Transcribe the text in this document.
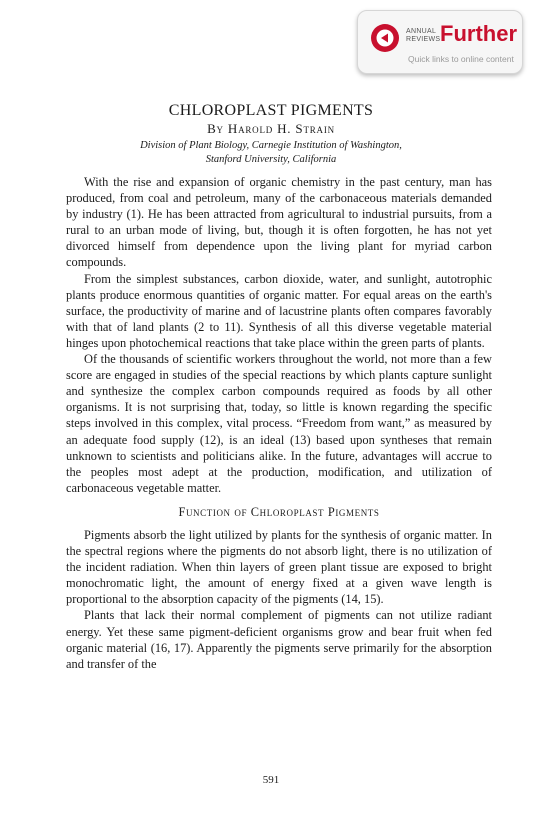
ANNUAL REVIEWS Further
Quick links to online content
CHLOROPLAST PIGMENTS
By Harold H. Strain
Division of Plant Biology, Carnegie Institution of Washington,
Stanford University, California

With the rise and expansion of organic chemistry in the past century, man has produced, from coal and petroleum, many of the carbonaceous materials demanded by industry (1). He has been attracted from agricultural to industrial pursuits, from a rural to an urban mode of living, but, though it is often forgotten, he has not yet divorced himself from dependence upon the living plant for myriad carbon compounds.

From the simplest substances, carbon dioxide, water, and sunlight, autotrophic plants produce enormous quantities of organic matter. For equal areas on the earth's surface, the productivity of marine and of lacustrine plants often compares favorably with that of land plants (2 to 11). Synthesis of all this diverse vegetable material hinges upon photochemical reactions that take place within the green parts of plants.

Of the thousands of scientific workers throughout the world, not more than a few score are engaged in studies of the special reactions by which plants capture sunlight and synthesize the complex carbon compounds required as foods by all other organisms. It is not surprising that, today, so little is known regarding the specific steps involved in this complex, vital process. “Freedom from want,” as measured by an adequate food supply (12), is an ideal (13) based upon syntheses that remain unknown to scientists and politicians alike. In the future, advantages will accrue to the peoples most adept at the production, modification, and utilization of carbonaceous vegetable matter.

Function of Chloroplast Pigments

Pigments absorb the light utilized by plants for the synthesis of organic matter. In the spectral regions where the pigments do not absorb light, there is no utilization of the incident radiation. When thin layers of green plant tissue are exposed to bright monochromatic light, the amount of energy fixed at a given wave length is proportional to the absorption capacity of the pigments (14, 15).

Plants that lack their normal complement of pigments can not utilize radiant energy. Yet these same pigment-deficient organisms grow and bear fruit when fed organic material (16, 17). Apparently the pigments serve primarily for the absorption and transfer of the

591
